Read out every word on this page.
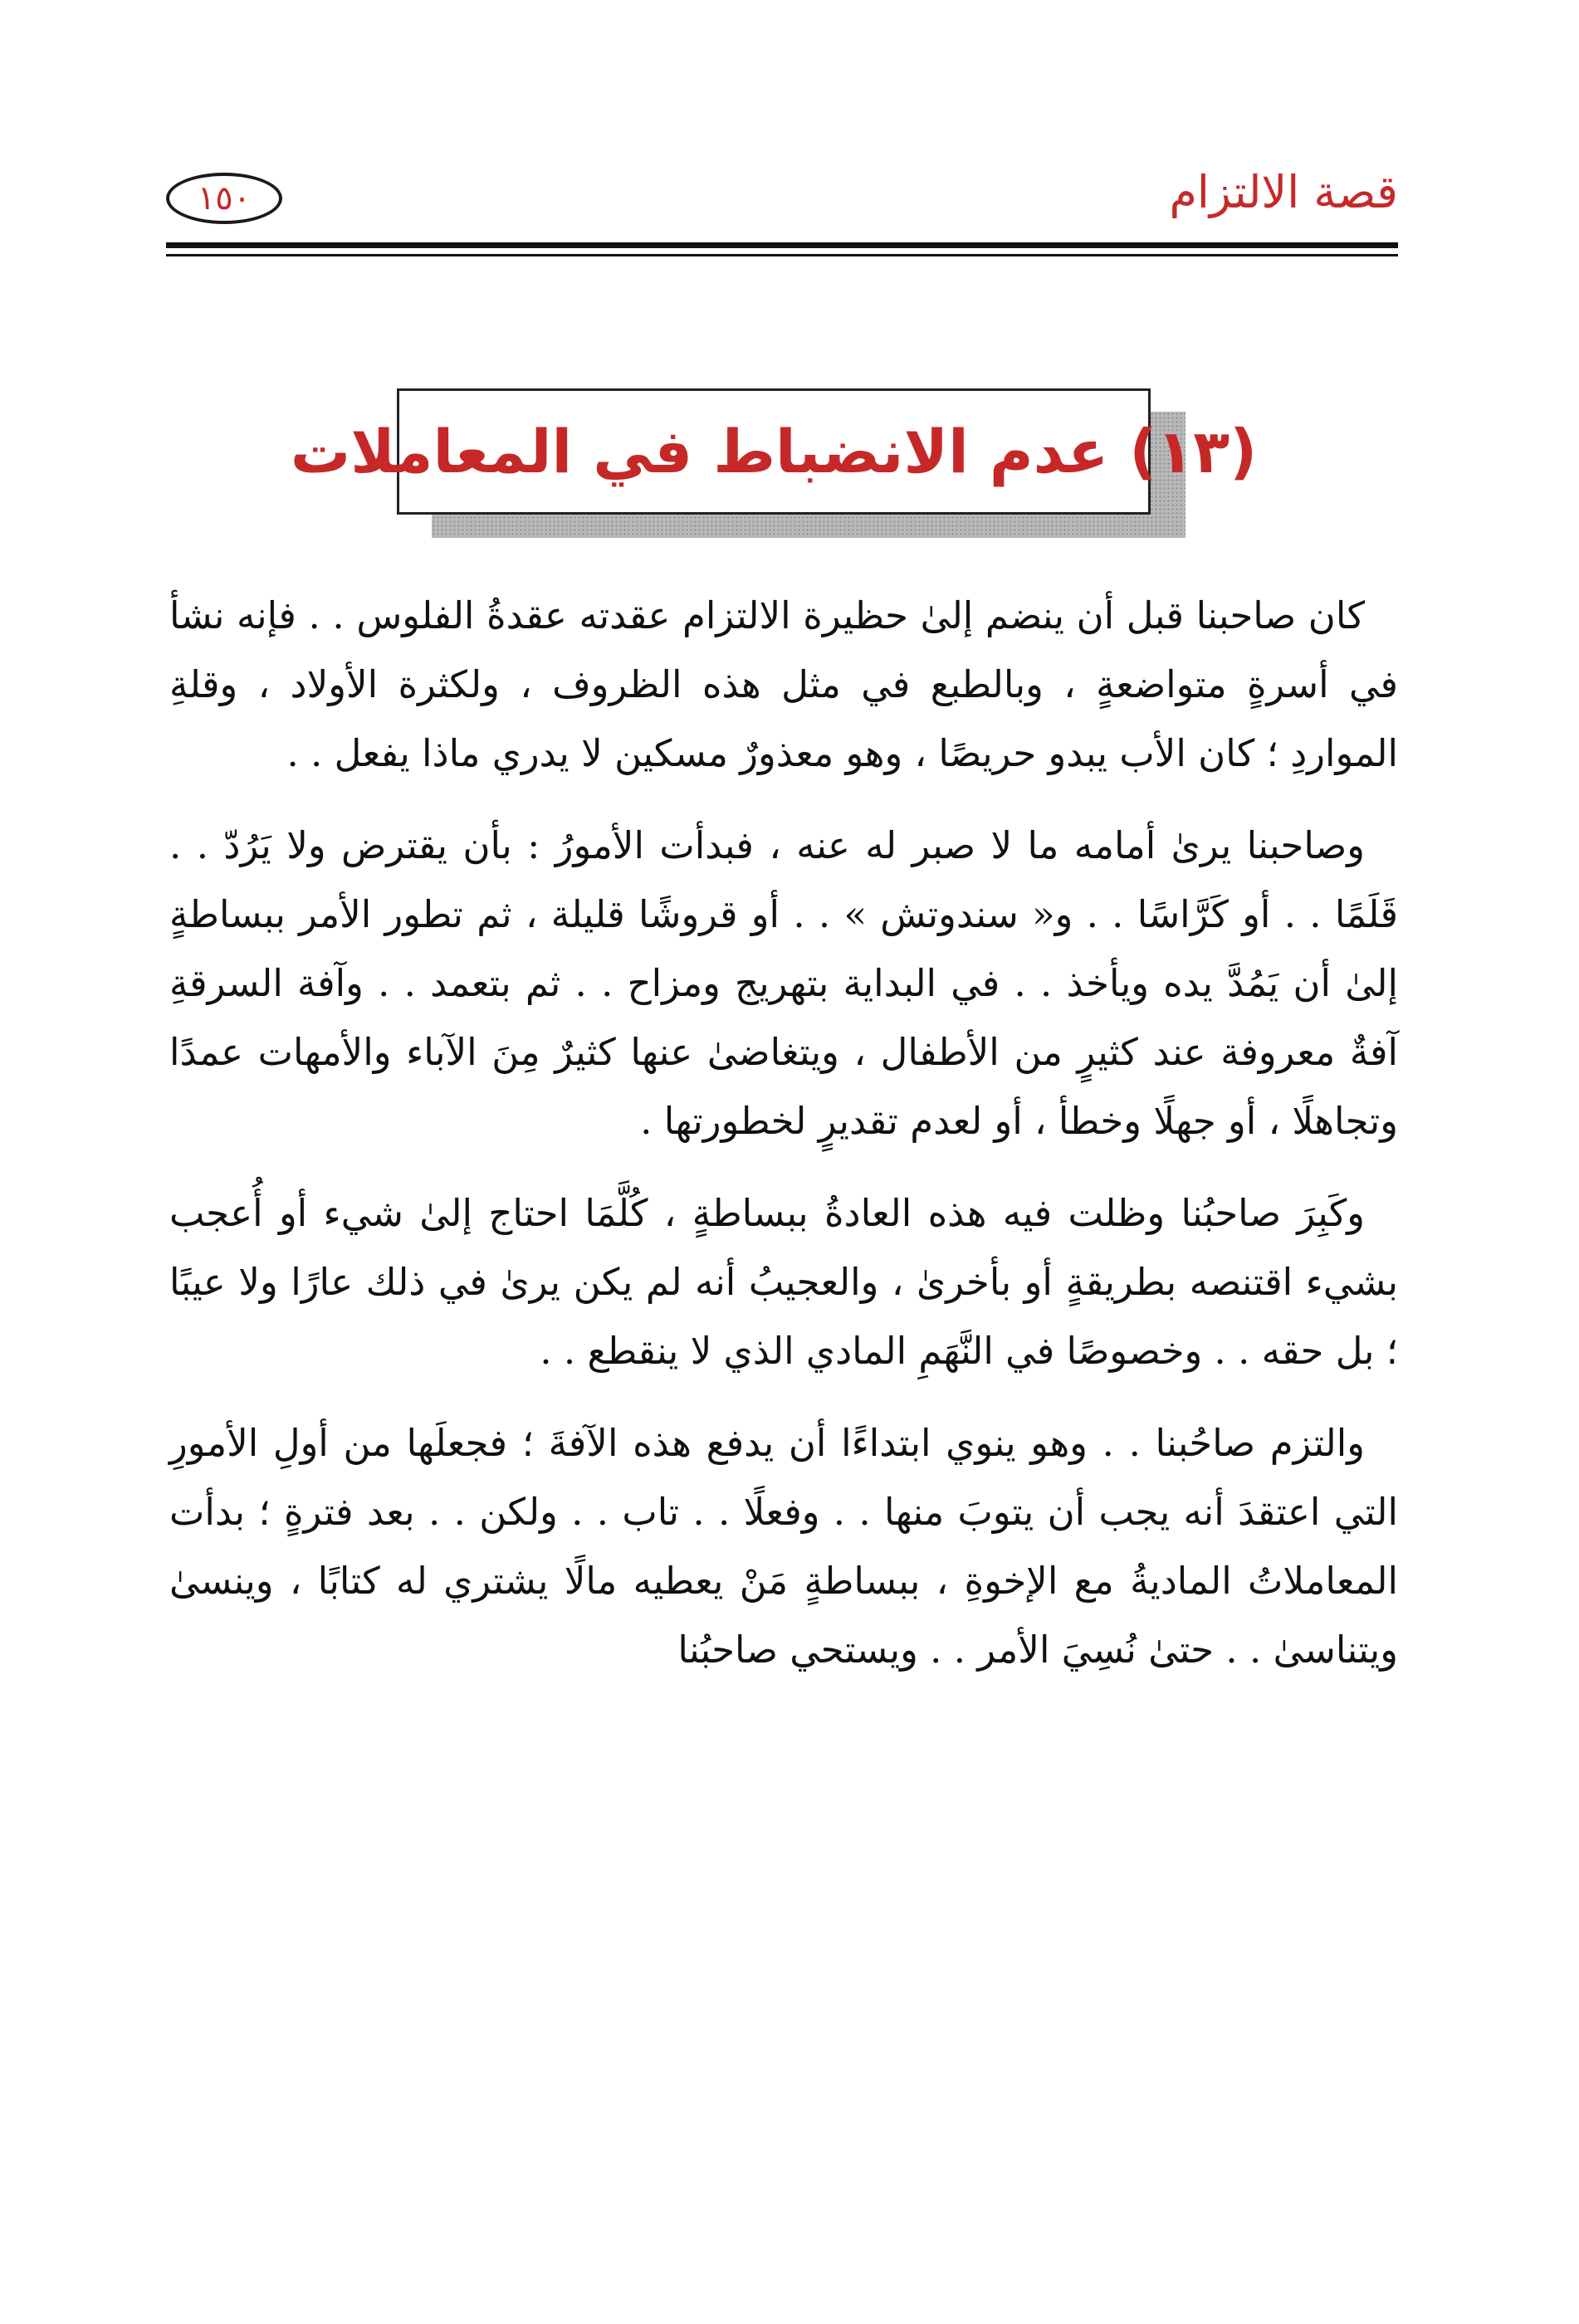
١٥٠	قصة الالتزام
(١٣) عدم الانضباط في المعاملات

كان صاحبنا قبل أن ينضم إلىٰ حظيرة الالتزام عقدته عقدةُ الفلوس . . فإنه نشأ في أسرةٍ متواضعةٍ ، وبالطبع في مثل هذه الظروف ، ولكثرة الأولاد ، وقلةِ المواردِ ؛ كان الأب يبدو حريصًا ، وهو معذورٌ مسكين لا يدري ماذا يفعل . .

وصاحبنا يرىٰ أمامه ما لا صبر له عنه ، فبدأت الأمورُ : بأن يقترض ولا يَرُدّ . . قَلَمًا . . أو كَرَّاسًا . . و« سندوتش » . . أو قروشًا قليلة ، ثم تطور الأمر ببساطةٍ إلىٰ أن يَمُدَّ يده ويأخذ . . في البداية بتهريج ومزاح . . ثم بتعمد . . وآفة السرقةِ آفةٌ معروفة عند كثيرٍ من الأطفال ، ويتغاضىٰ عنها كثيرٌ مِنَ الآباء والأمهات عمدًا وتجاهلًا ، أو جهلًا وخطأ ، أو لعدم تقديرٍ لخطورتها .

وكَبِرَ صاحبُنا وظلت فيه هذه العادةُ ببساطةٍ ، كُلَّمَا احتاج إلىٰ شيء أو أُعجب بشيء اقتنصه بطريقةٍ أو بأخرىٰ ، والعجيبُ أنه لم يكن يرىٰ في ذلك عارًا ولا عيبًا ؛ بل حقه . . وخصوصًا في النَّهَمِ المادي الذي لا ينقطع . .

والتزم صاحُبنا . . وهو ينوي ابتداءًا أن يدفع هذه الآفةَ ؛ فجعلَها من أولِ الأمورِ التي اعتقدَ أنه يجب أن يتوبَ منها . . وفعلًا . . تاب . . ولكن . . بعد فترةٍ ؛ بدأت المعاملاتُ الماديةُ مع الإخوةِ ، ببساطةٍ مَنْ يعطيه مالًا يشتري له كتابًا ، وينسىٰ ويتناسىٰ . . حتىٰ نُسِيَ الأمر . . ويستحي صاحبُنا
